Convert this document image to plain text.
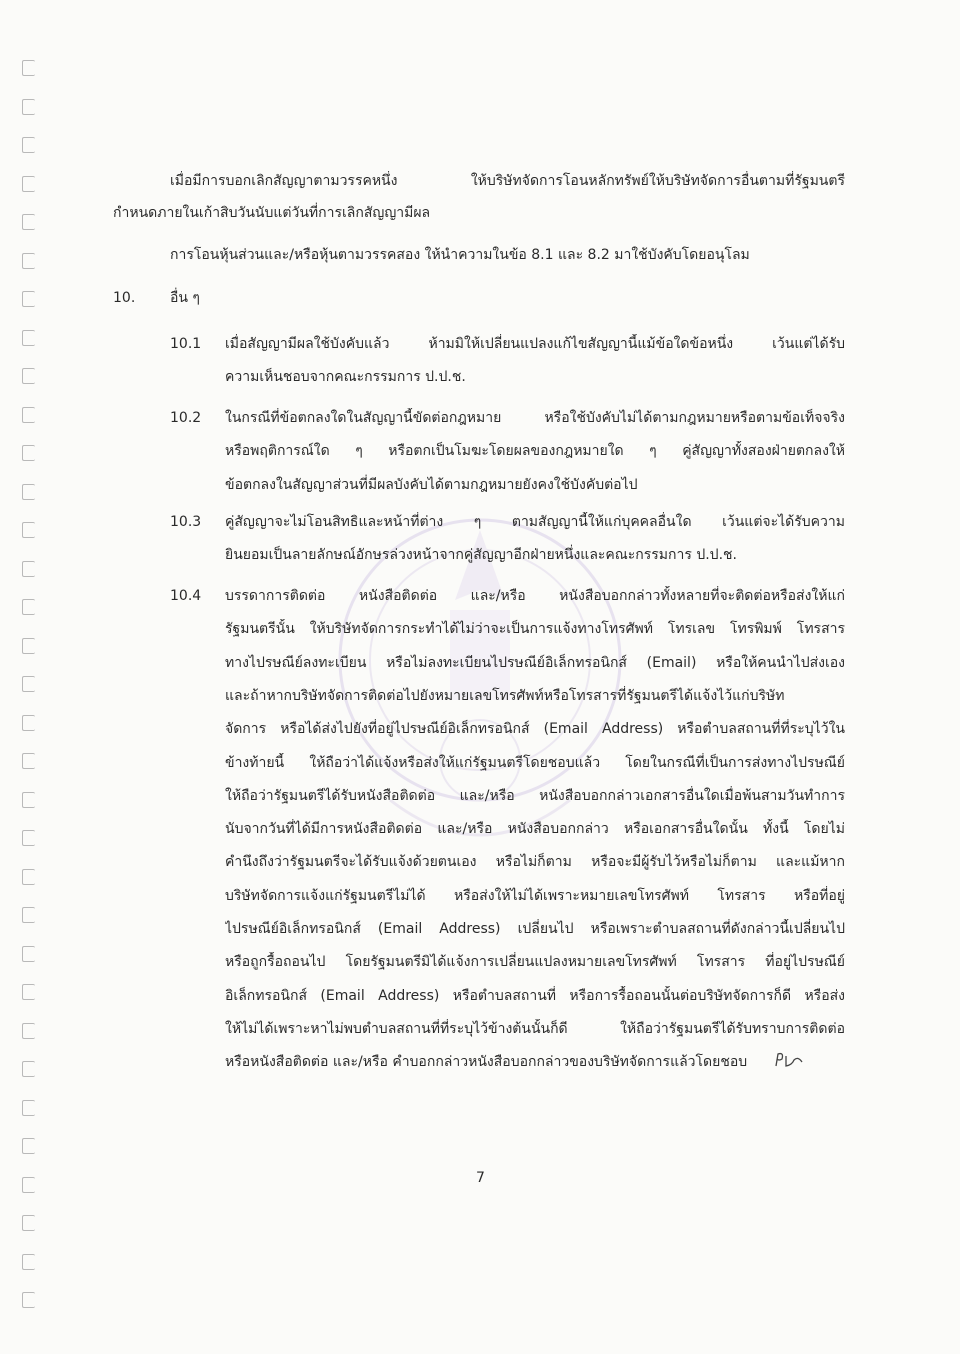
เมื่อมีการบอกเลิกสัญญาตามวรรคหนึ่ง ให้บริษัทจัดการโอนหลักทรัพย์ให้บริษัทจัดการอื่นตามที่รัฐมนตรี
กำหนดภายในเก้าสิบวันนับแต่วันที่การเลิกสัญญามีผล
การโอนหุ้นส่วนและ/หรือหุ้นตามวรรคสอง ให้นำความในข้อ 8.1 และ 8.2 มาใช้บังคับโดยอนุโลม
10. อื่น ๆ
10.1 เมื่อสัญญามีผลใช้บังคับแล้ว ห้ามมิให้เปลี่ยนแปลงแก้ไขสัญญานี้แม้ข้อใดข้อหนึ่ง เว้นแต่ได้รับ
ความเห็นชอบจากคณะกรรมการ ป.ป.ช.
10.2 ในกรณีที่ข้อตกลงใดในสัญญานี้ขัดต่อกฎหมาย หรือใช้บังคับไม่ได้ตามกฎหมายหรือตามข้อเท็จจริง
หรือพฤติการณ์ใด ๆ หรือตกเป็นโมฆะโดยผลของกฎหมายใด ๆ คู่สัญญาทั้งสองฝ่ายตกลงให้
ข้อตกลงในสัญญาส่วนที่มีผลบังคับได้ตามกฎหมายยังคงใช้บังคับต่อไป
10.3 คู่สัญญาจะไม่โอนสิทธิและหน้าที่ต่าง ๆ ตามสัญญานี้ให้แก่บุคคลอื่นใด เว้นแต่จะได้รับความ
ยินยอมเป็นลายลักษณ์อักษรล่วงหน้าจากคู่สัญญาอีกฝ่ายหนึ่งและคณะกรรมการ ป.ป.ช.
10.4 บรรดาการติดต่อ หนังสือติดต่อ และ/หรือ หนังสือบอกกล่าวทั้งหลายที่จะติดต่อหรือส่งให้แก่
รัฐมนตรีนั้น ให้บริษัทจัดการกระทำได้ไม่ว่าจะเป็นการแจ้งทางโทรศัพท์ โทรเลข โทรพิมพ์ โทรสาร
ทางไปรษณีย์ลงทะเบียน หรือไม่ลงทะเบียนไปรษณีย์อิเล็กทรอนิกส์ (Email) หรือให้คนนำไปส่งเอง
และถ้าหากบริษัทจัดการติดต่อไปยังหมายเลขโทรศัพท์หรือโทรสารที่รัฐมนตรีได้แจ้งไว้แก่บริษัท
จัดการ หรือได้ส่งไปยังที่อยู่ไปรษณีย์อิเล็กทรอนิกส์ (Email Address) หรือตำบลสถานที่ที่ระบุไว้ใน
ข้างท้ายนี้ ให้ถือว่าได้แจ้งหรือส่งให้แก่รัฐมนตรีโดยชอบแล้ว โดยในกรณีที่เป็นการส่งทางไปรษณีย์
ให้ถือว่ารัฐมนตรีได้รับหนังสือติดต่อ และ/หรือ หนังสือบอกกล่าวเอกสารอื่นใดเมื่อพ้นสามวันทำการ
นับจากวันที่ได้มีการหนังสือติดต่อ และ/หรือ หนังสือบอกกล่าว หรือเอกสารอื่นใดนั้น ทั้งนี้ โดยไม่
คำนึงถึงว่ารัฐมนตรีจะได้รับแจ้งด้วยตนเอง หรือไม่ก็ตาม หรือจะมีผู้รับไว้หรือไม่ก็ตาม และแม้หาก
บริษัทจัดการแจ้งแก่รัฐมนตรีไม่ได้ หรือส่งให้ไม่ได้เพราะหมายเลขโทรศัพท์ โทรสาร หรือที่อยู่
ไปรษณีย์อิเล็กทรอนิกส์ (Email Address) เปลี่ยนไป หรือเพราะตำบลสถานที่ดังกล่าวนี้เปลี่ยนไป
หรือถูกรื้อถอนไป โดยรัฐมนตรีมิได้แจ้งการเปลี่ยนแปลงหมายเลขโทรศัพท์ โทรสาร ที่อยู่ไปรษณีย์
อิเล็กทรอนิกส์ (Email Address) หรือตำบลสถานที่ หรือการรื้อถอนนั้นต่อบริษัทจัดการก็ดี หรือส่ง
ให้ไม่ได้เพราะหาไม่พบตำบลสถานที่ที่ระบุไว้ข้างต้นนั้นก็ดี ให้ถือว่ารัฐมนตรีได้รับทราบการติดต่อ
หรือหนังสือติดต่อ และ/หรือ คำบอกกล่าวหนังสือบอกกล่าวของบริษัทจัดการแล้วโดยชอบ
7
